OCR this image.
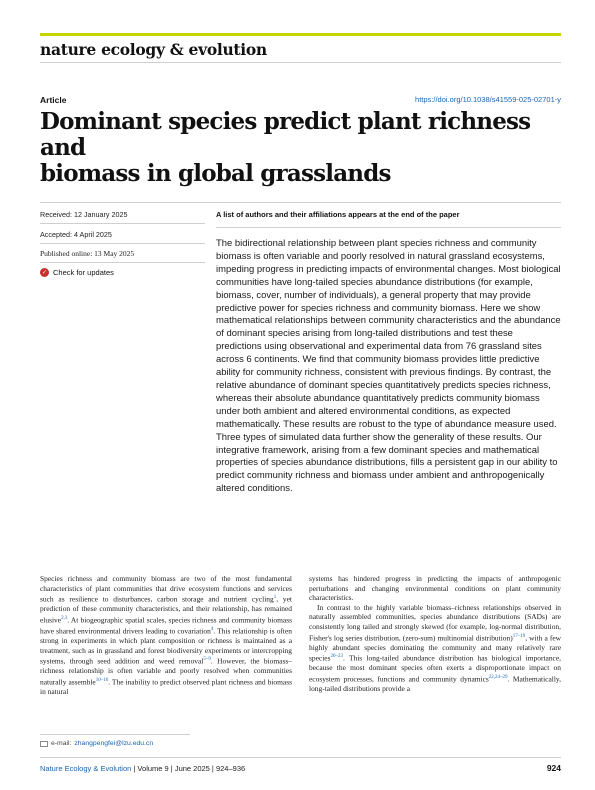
nature ecology & evolution
Article	https://doi.org/10.1038/s41559-025-02701-y
Dominant species predict plant richness and
biomass in global grasslands
Received: 12 January 2025
Accepted: 4 April 2025
Published online: 13 May 2025
✓ Check for updates
A list of authors and their affiliations appears at the end of the paper

The bidirectional relationship between plant species richness and community biomass is often variable and poorly resolved in natural grassland ecosystems, impeding progress in predicting impacts of environmental changes. Most biological communities have long-tailed species abundance distributions (for example, biomass, cover, number of individuals), a general property that may provide predictive power for species richness and community biomass. Here we show mathematical relationships between community characteristics and the abundance of dominant species arising from long-tailed distributions and test these predictions using observational and experimental data from 76 grassland sites across 6 continents. We find that community biomass provides little predictive ability for community richness, consistent with previous findings. By contrast, the relative abundance of dominant species quantitatively predicts species richness, whereas their absolute abundance quantitatively predicts community biomass under both ambient and altered environmental conditions, as expected mathematically. These results are robust to the type of abundance measure used. Three types of simulated data further show the generality of these results. Our integrative framework, arising from a few dominant species and mathematical properties of species abundance distributions, fills a persistent gap in our ability to predict community richness and biomass under ambient and anthropogenically altered conditions.

Species richness and community biomass are two of the most fundamental characteristics of plant communities that drive ecosystem functions and services such as resilience to disturbances, carbon storage and nutrient cycling$^1$, yet prediction of these community characteristics, and their relationship, has remained elusive$^{2,3}$. At biogeographic spatial scales, species richness and community biomass have shared environmental drivers leading to covariation$^4$. This relationship is often strong in experiments in which plant composition or richness is maintained as a treatment, such as in grassland and forest biodiversity experiments or intercropping systems, through seed addition and weed removal$^{5-9}$. However, the biomass–richness relationship is often variable and poorly resolved when communities naturally assemble$^{10-16}$. The inability to predict observed plant richness and biomass in natural

systems has hindered progress in predicting the impacts of anthropogenic perturbations and changing environmental conditions on plant community characteristics.
In contrast to the highly variable biomass–richness relationships observed in naturally assembled communities, species abundance distributions (SADs) are consistently long tailed and strongly skewed (for example, log-normal distribution, Fisher's log series distribution, (zero-sum) multinomial distribution)$^{17-19}$, with a few highly abundant species dominating the community and many relatively rare species$^{20-23}$. This long-tailed abundance distribution has biological importance, because the most dominant species often exerts a disproportionate impact on ecosystem processes, functions and community dynamics$^{22,24-29}$. Mathematically, long-tailed distributions provide a
e-mail: zhangpengfei@lzu.edu.cn
Nature Ecology & Evolution | Volume 9 | June 2025 | 924–936	924
